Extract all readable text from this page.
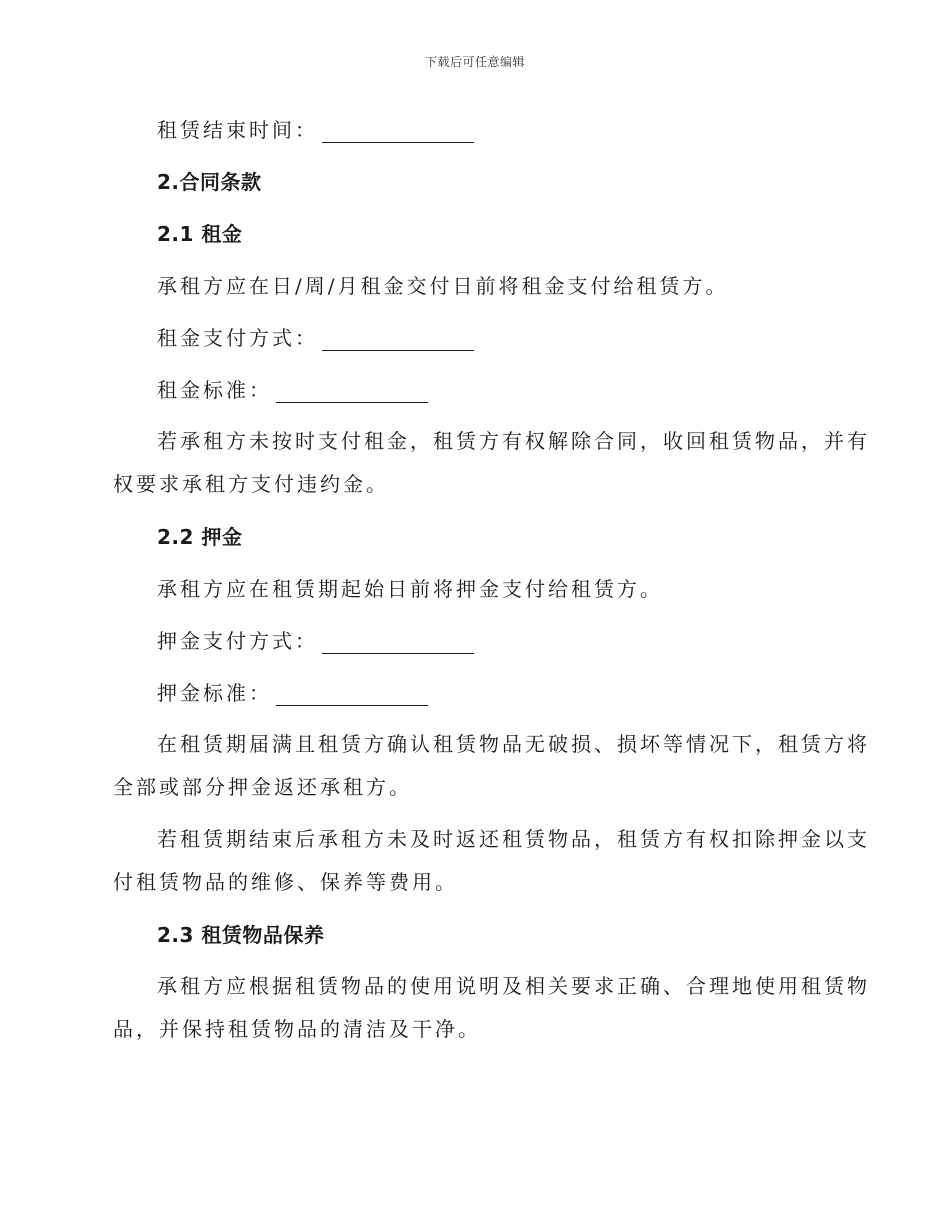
下载后可任意编辑
租赁结束时间：
2.合同条款
2.1 租金
承租方应在日/周/月租金交付日前将租金支付给租赁方。
租金支付方式：
租金标准：
若承租方未按时支付租金，租赁方有权解除合同，收回租赁物品，并有
权要求承租方支付违约金。
2.2 押金
承租方应在租赁期起始日前将押金支付给租赁方。
押金支付方式：
押金标准：
在租赁期届满且租赁方确认租赁物品无破损、损坏等情况下，租赁方将
全部或部分押金返还承租方。
若租赁期结束后承租方未及时返还租赁物品，租赁方有权扣除押金以支
付租赁物品的维修、保养等费用。
2.3 租赁物品保养
承租方应根据租赁物品的使用说明及相关要求正确、合理地使用租赁物
品，并保持租赁物品的清洁及干净。
